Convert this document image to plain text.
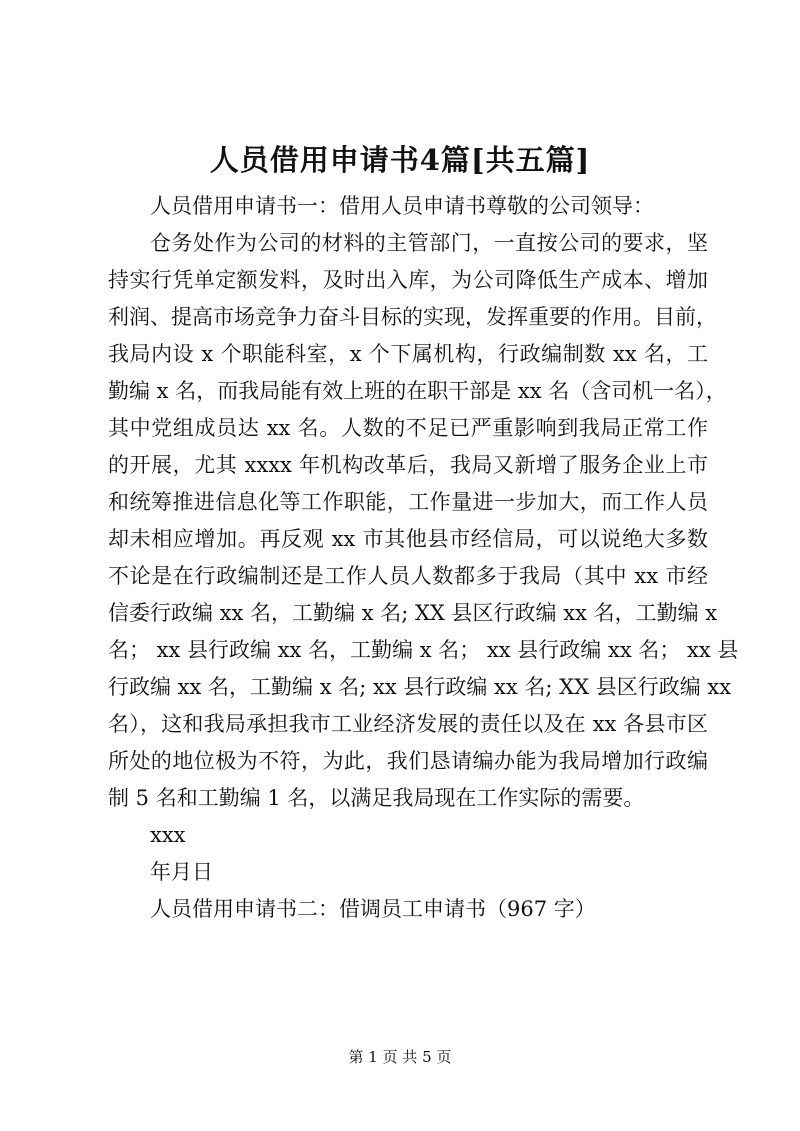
人员借用申请书4篇[共五篇]
人员借用申请书一：借用人员申请书尊敬的公司领导：
仓务处作为公司的材料的主管部门，一直按公司的要求，坚
持实行凭单定额发料，及时出入库，为公司降低生产成本、增加
利润、提高市场竞争力奋斗目标的实现，发挥重要的作用。目前，
我局内设 x 个职能科室，x 个下属机构，行政编制数 xx 名，工
勤编 x 名，而我局能有效上班的在职干部是 xx 名（含司机一名），
其中党组成员达 xx 名。人数的不足已严重影响到我局正常工作
的开展，尤其 xxxx 年机构改革后，我局又新增了服务企业上市
和统筹推进信息化等工作职能，工作量进一步加大，而工作人员
却未相应增加。再反观 xx 市其他县市经信局，可以说绝大多数
不论是在行政编制还是工作人员人数都多于我局（其中 xx 市经
信委行政编 xx 名，工勤编 x 名; XX 县区行政编 xx 名，工勤编 x
名； xx 县行政编 xx 名，工勤编 x 名； xx 县行政编 xx 名； xx 县
行政编 xx 名，工勤编 x 名; xx 县行政编 xx 名; XX 县区行政编 xx
名），这和我局承担我市工业经济发展的责任以及在 xx 各县市区
所处的地位极为不符，为此，我们恳请编办能为我局增加行政编
制 5 名和工勤编 1 名，以满足我局现在工作实际的需要。
xxx
年月日
人员借用申请书二：借调员工申请书（967 字）
第 1 页 共 5 页
